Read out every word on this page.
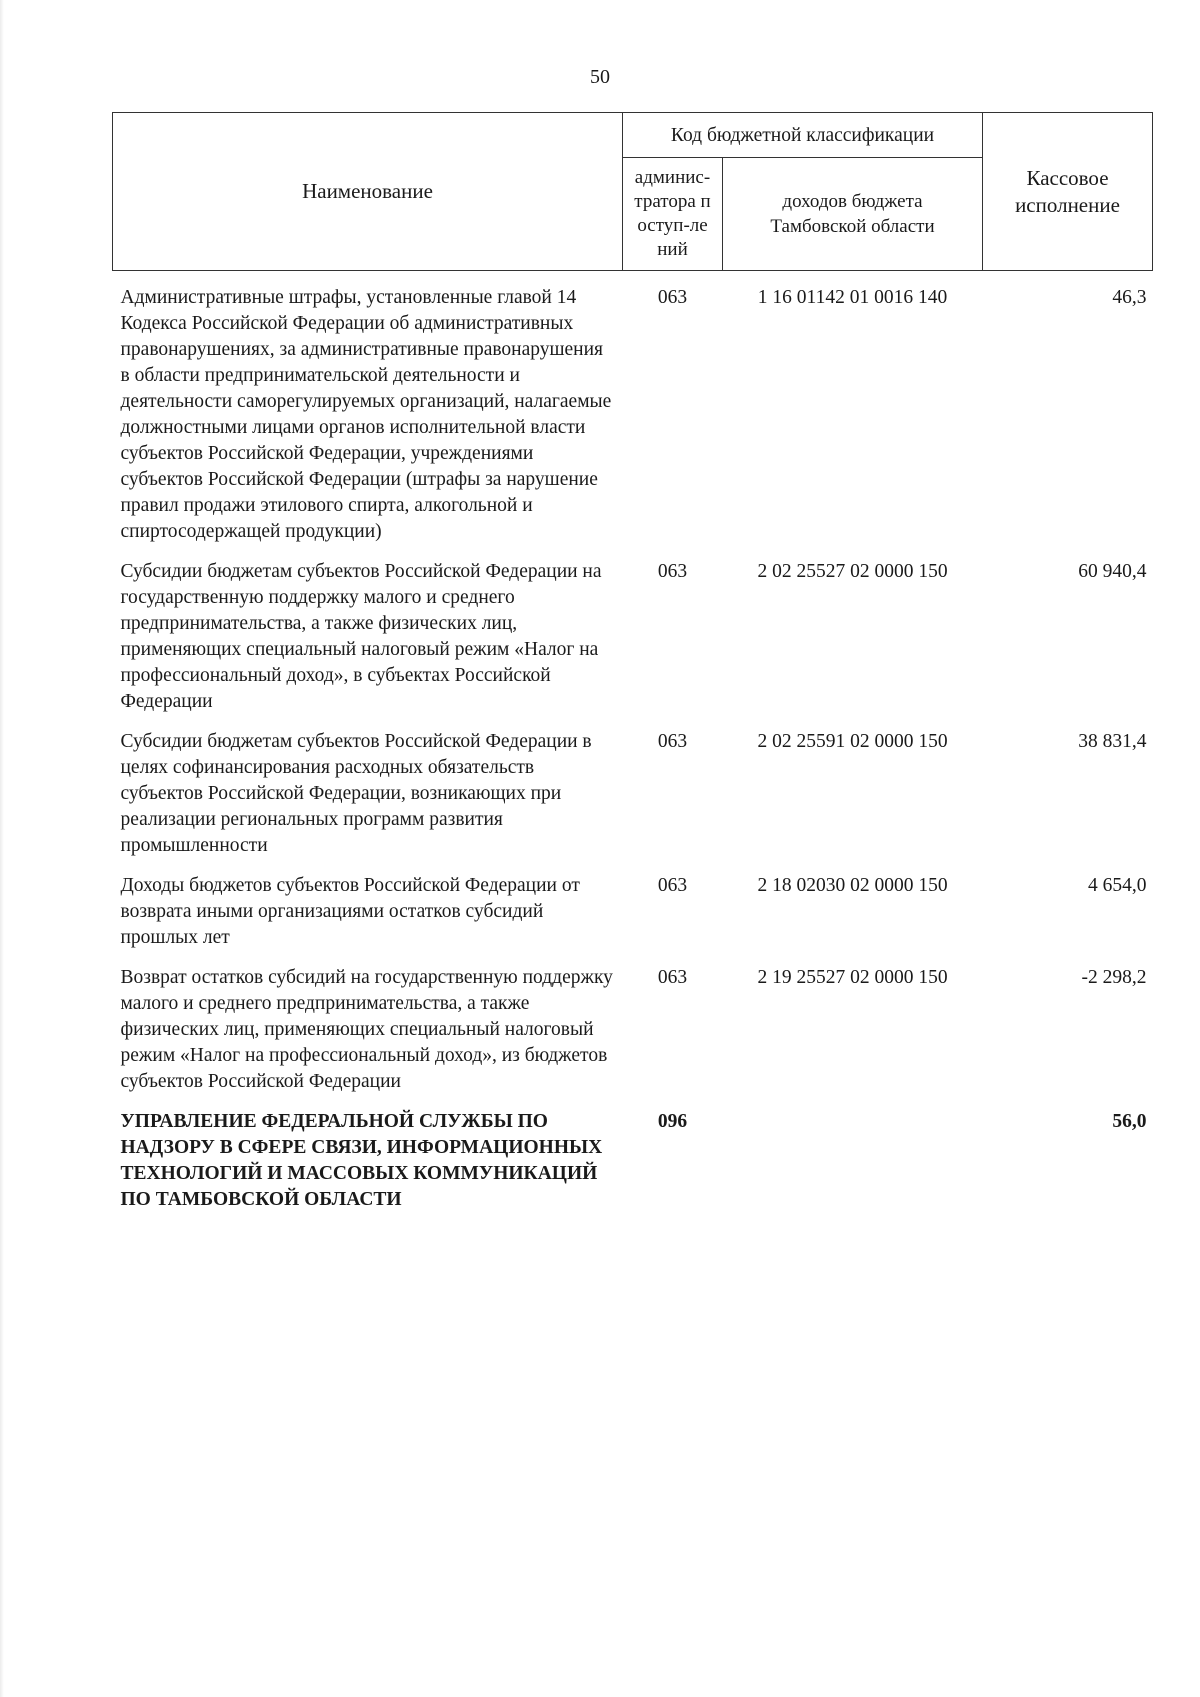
50
Наименование	Код бюджетной классификации		Кассовое исполнение

	админис-тратора поступ-лений	доходов бюджета Тамбовской области	

Административные штрафы, установленные главой 14 Кодекса Российской Федерации об административных правонарушениях, за административные правонарушения в области предпринимательской деятельности и деятельности саморегулируемых организаций, налагаемые должностными лицами органов исполнительной власти субъектов Российской Федерации, учреждениями субъектов Российской Федерации (штрафы за нарушение правил продажи этилового спирта, алкогольной и спиртосодержащей продукции)	063	1 16 01142 01 0016 140	46,3
Субсидии бюджетам субъектов Российской Федерации на государственную поддержку малого и среднего предпринимательства, а также физических лиц, применяющих специальный налоговый режим «Налог на профессиональный доход», в субъектах Российской Федерации	063	2 02 25527 02 0000 150	60 940,4
Субсидии бюджетам субъектов Российской Федерации в целях софинансирования расходных обязательств субъектов Российской Федерации, возникающих при реализации региональных программ развития промышленности	063	2 02 25591 02 0000 150	38 831,4
Доходы бюджетов субъектов Российской Федерации от возврата иными организациями остатков субсидий прошлых лет	063	2 18 02030 02 0000 150	4 654,0
Возврат остатков субсидий на государственную поддержку малого и среднего предпринимательства, а также физических лиц, применяющих специальный налоговый режим «Налог на профессиональный доход», из бюджетов субъектов Российской Федерации	063	2 19 25527 02 0000 150	-2 298,2
УПРАВЛЕНИЕ ФЕДЕРАЛЬНОЙ СЛУЖБЫ ПО НАДЗОРУ В СФЕРЕ СВЯЗИ, ИНФОРМАЦИОННЫХ ТЕХНОЛОГИЙ И МАССОВЫХ КОММУНИКАЦИЙ ПО ТАМБОВСКОЙ ОБЛАСТИ	096		56,0
